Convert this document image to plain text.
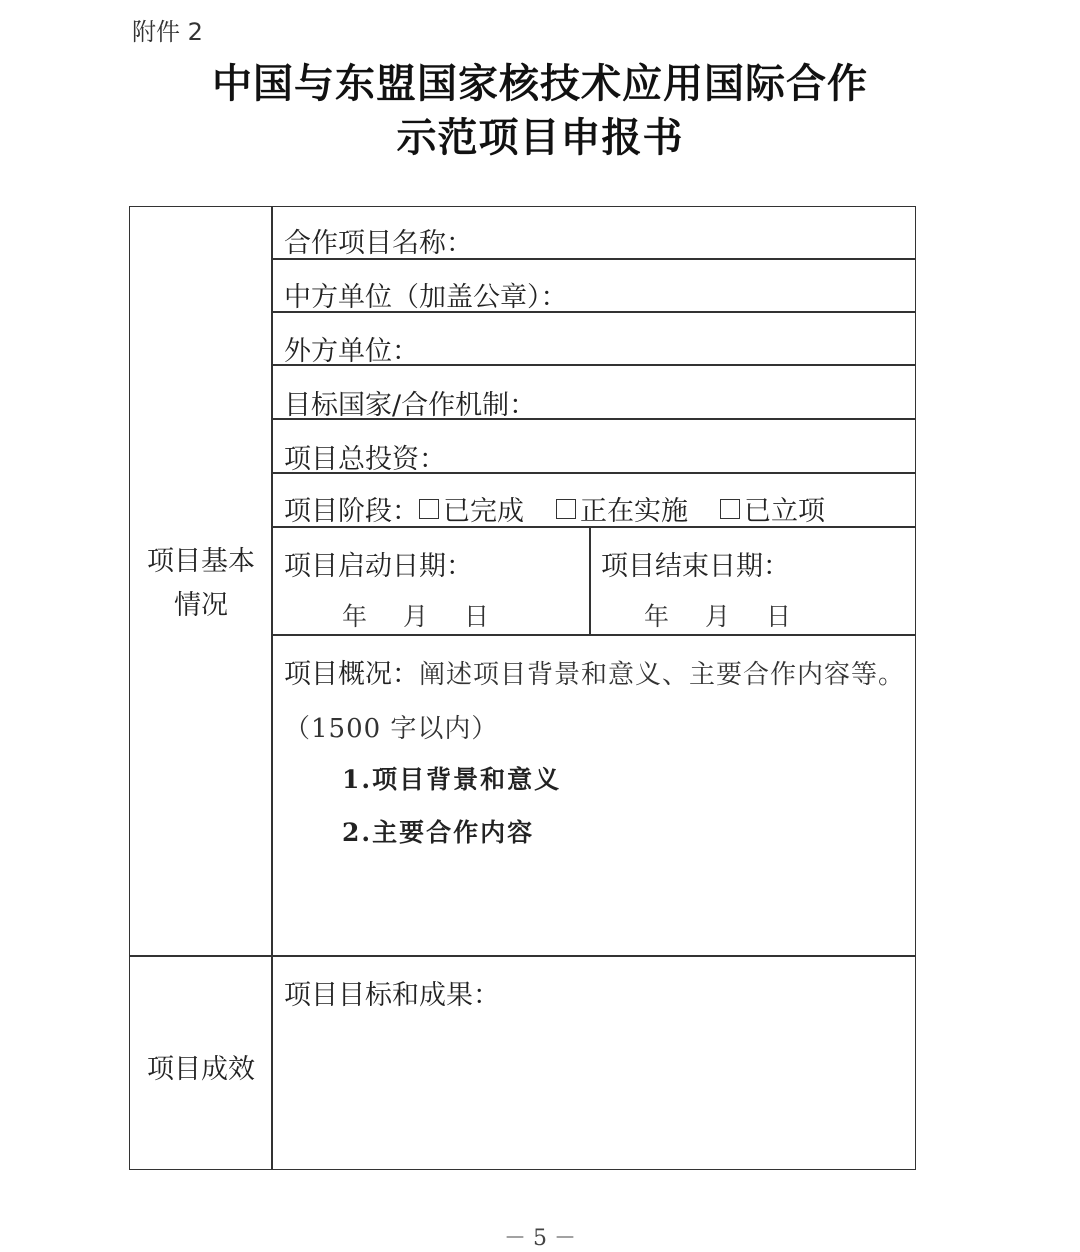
附件 2
中国与东盟国家核技术应用国际合作
示范项目申报书
项目基本
情况
项目成效
合作项目名称：
中方单位（加盖公章）：
外方单位：
目标国家/合作机制：
项目总投资：
项目阶段： 已完成 正在实施 已立项
项目启动日期：
年 月 日
项目结束日期：
年 月 日
项目概况：阐述项目背景和意义、主要合作内容等。（1500 字以内）
1.项目背景和意义
2.主要合作内容
项目目标和成果：
－ 5 －
